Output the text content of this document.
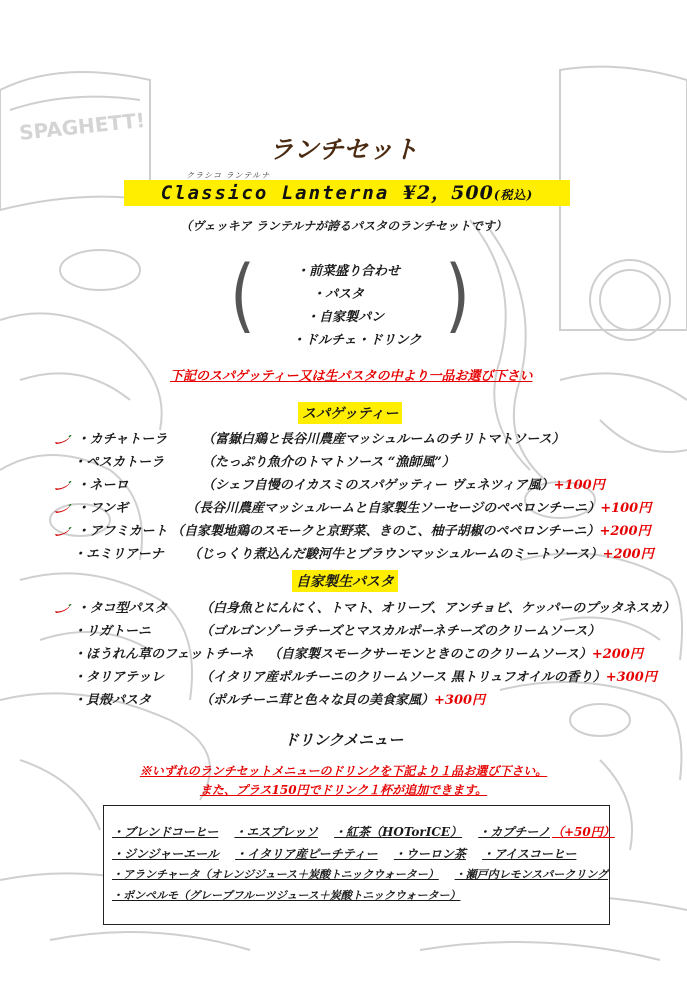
SPAGHETT!
ランチセット
クラシコ ランテルナ
Classico Lanterna ¥2，500(税込)
（ヴェッキア ランテルナが誇るパスタのランチセットです）
(	)
・前菜盛り合わせ
・パスタ
・自家製パン
・ドルチェ・ドリンク
下記のスパゲッティー又は生パスタの中より一品お選び下さい
スパゲッティー
・カチャトーラ	（富嶽白鶏と長谷川農産マッシュルームのチリトマトソース）
・ペスカトーラ	（たっぷり魚介のトマトソース “漁師風”）
・ネーロ	（シェフ自慢のイカスミのスパゲッティー ヴェネツィア風）+100円
・フンギ	（長谷川農産マッシュルームと自家製生ソーセージのペペロンチーニ）+100円
・アフミカート （自家製地鶏のスモークと京野菜、きのこ、柚子胡椒のペペロンチーニ）+200円
・エミリアーナ （じっくり煮込んだ駿河牛とブラウンマッシュルームのミートソース）+200円
自家製生パスタ
・タコ型パスタ （白身魚とにんにく、トマト、オリーブ、アンチョビ、ケッパーのプッタネスカ）
・リガトーニ	（ゴルゴンゾーラチーズとマスカルポーネチーズのクリームソース）
・ほうれん草のフェットチーネ （自家製スモークサーモンときのこのクリームソース）+200円
・タリアテッレ	（イタリア産ポルチーニのクリームソース 黒トリュフオイルの香り）+300円
・貝殻パスタ	（ポルチーニ茸と色々な貝の美食家風）+300円
ドリンクメニュー
※いずれのランチセットメニューのドリンクを下記より１品お選び下さい。
また、プラス150円でドリンク１杯が追加できます。
・ブレンドコーヒー ・エスプレッソ ・紅茶（HOTorICE） ・カプチーノ （+50円）
・ジンジャーエール ・イタリア産ピーチティー ・ウーロン茶 ・アイスコーヒー
・アランチャータ（オレンジジュース＋炭酸トニックウォーター） ・瀬戸内レモンスパークリング
・ポンペルモ（グレープフルーツジュース＋炭酸トニックウォーター）
